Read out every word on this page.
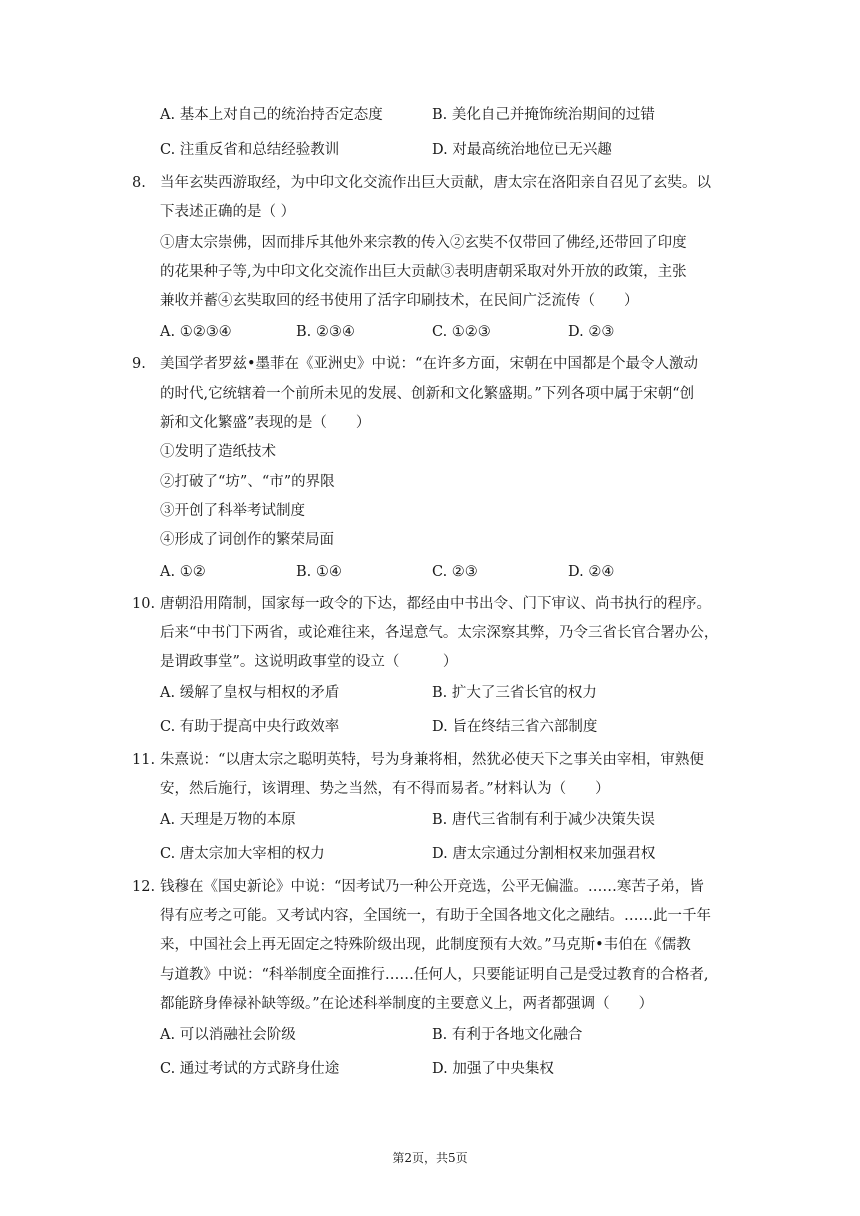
A. 基本上对自己的统治持否定态度	B. 美化自己并掩饰统治期间的过错
C. 注重反省和总结经验教训	D. 对最高统治地位已无兴趣
8. 当年玄奘西游取经，为中印文化交流作出巨大贡献，唐太宗在洛阳亲自召见了玄奘。以
下表述正确的是（ ）
①唐太宗崇佛，因而排斥其他外来宗教的传入②玄奘不仅带回了佛经,还带回了印度
的花果种子等,为中印文化交流作出巨大贡献③表明唐朝采取对外开放的政策，主张
兼收并蓄④玄奘取回的经书使用了活字印刷技术，在民间广泛流传（　　）
A. ①②③④	B. ②③④	C. ①②③	D. ②③
9. 美国学者罗兹•墨菲在《亚洲史》中说：“在许多方面，宋朝在中国都是个最令人激动
的时代,它统辖着一个前所未见的发展、创新和文化繁盛期。”下列各项中属于宋朝“创
新和文化繁盛”表现的是（　　）
①发明了造纸技术
②打破了“坊”、“市”的界限
③开创了科举考试制度
④形成了词创作的繁荣局面
A. ①②	B. ①④	C. ②③	D. ②④
10. 唐朝沿用隋制，国家每一政令的下达，都经由中书出令、门下审议、尚书执行的程序。
后来“中书门下两省，或论难往来，各逞意气。太宗深察其弊，乃令三省长官合署办公，
是谓政事堂”。这说明政事堂的设立（　　　）
A. 缓解了皇权与相权的矛盾	B. 扩大了三省长官的权力
C. 有助于提高中央行政效率	D. 旨在终结三省六部制度
11. 朱熹说：“以唐太宗之聪明英特，号为身兼将相，然犹必使天下之事关由宰相，审熟便
安，然后施行，该谓理、势之当然，有不得而易者。”材料认为（　　）
A. 天理是万物的本原	B. 唐代三省制有利于减少决策失误
C. 唐太宗加大宰相的权力	D. 唐太宗通过分割相权来加强君权
12. 钱穆在《国史新论》中说：“因考试乃一种公开竞选，公平无偏滥。……寒苦子弟，皆
得有应考之可能。又考试内容，全国统一，有助于全国各地文化之融结。……此一千年
来，中国社会上再无固定之特殊阶级出现，此制度预有大效。”马克斯•韦伯在《儒教
与道教》中说：“科举制度全面推行……任何人，只要能证明自己是受过教育的合格者,
都能跻身俸禄补缺等级。”在论述科举制度的主要意义上，两者都强调（　　）
A. 可以消融社会阶级	B. 有利于各地文化融合
C. 通过考试的方式跻身仕途	D. 加强了中央集权
第2页，共5页
